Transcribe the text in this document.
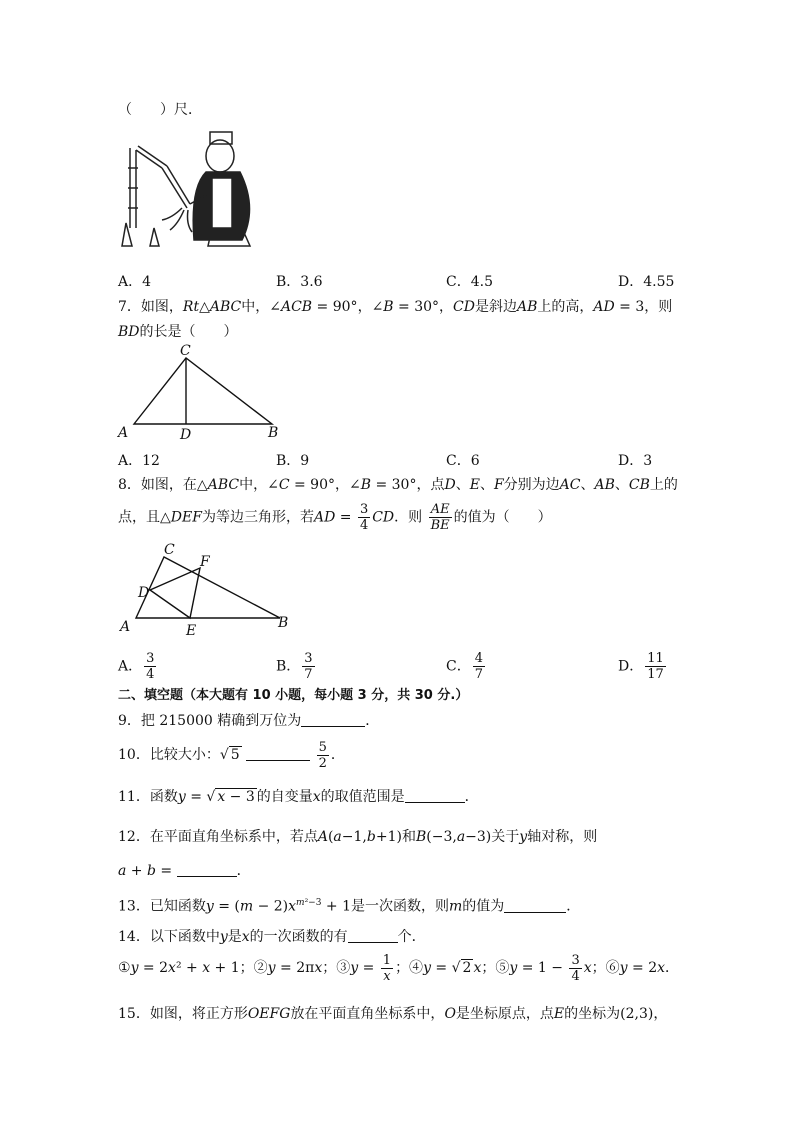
（　　）尺．
A．4	B．3.6	C．4.5	D．4.55
7．如图，Rt△ABC中，∠ACB = 90°，∠B = 30°，CD是斜边AB上的高，AD = 3，则
BD的长是（　　）
C
A	D	B
A．12	B．9	C．6	D．3
8．如图，在△ABC中，∠C = 90°，∠B = 30°，点D、E、F分别为边AC、AB、CB上的
点，且△DEF为等边三角形，若AD = $\frac{3}{4}$ CD．则 $\frac{AE}{BE}$ 的值为（　　）
C
F
D
A	E	B
A． $\frac{3}{4}$	B． $\frac{3}{7}$	C． $\frac{4}{7}$	D． $\frac{11}{17}$
二、填空题（本大题有 10 小题，每小题 3 分，共 30 分.）
9．把 215000 精确到万位为	．
10．比较大小：√ 5	$\frac{5}{2}$ ．
11．函数y = √ x − 3 的自变量x的取值范围是	．
12．在平面直角坐标系中，若点A(a−1,b+1)和B(−3,a−3)关于y轴对称，则
a + b =	．
13．已知函数$y = (m - 2)x^{m^2-3} + 1$是一次函数，则m的值为	．
14．以下函数中y是x的一次函数的有	个．
①y = 2x² + x + 1；②y = 2πx；③y = $\frac{1}{x}$ ；④y = √ 2 x；⑤y = $1 - \frac{3}{4}$ x；⑥y = 2x．
15．如图，将正方形OEFG放在平面直角坐标系中，O是坐标原点，点E的坐标为(2,3)，
